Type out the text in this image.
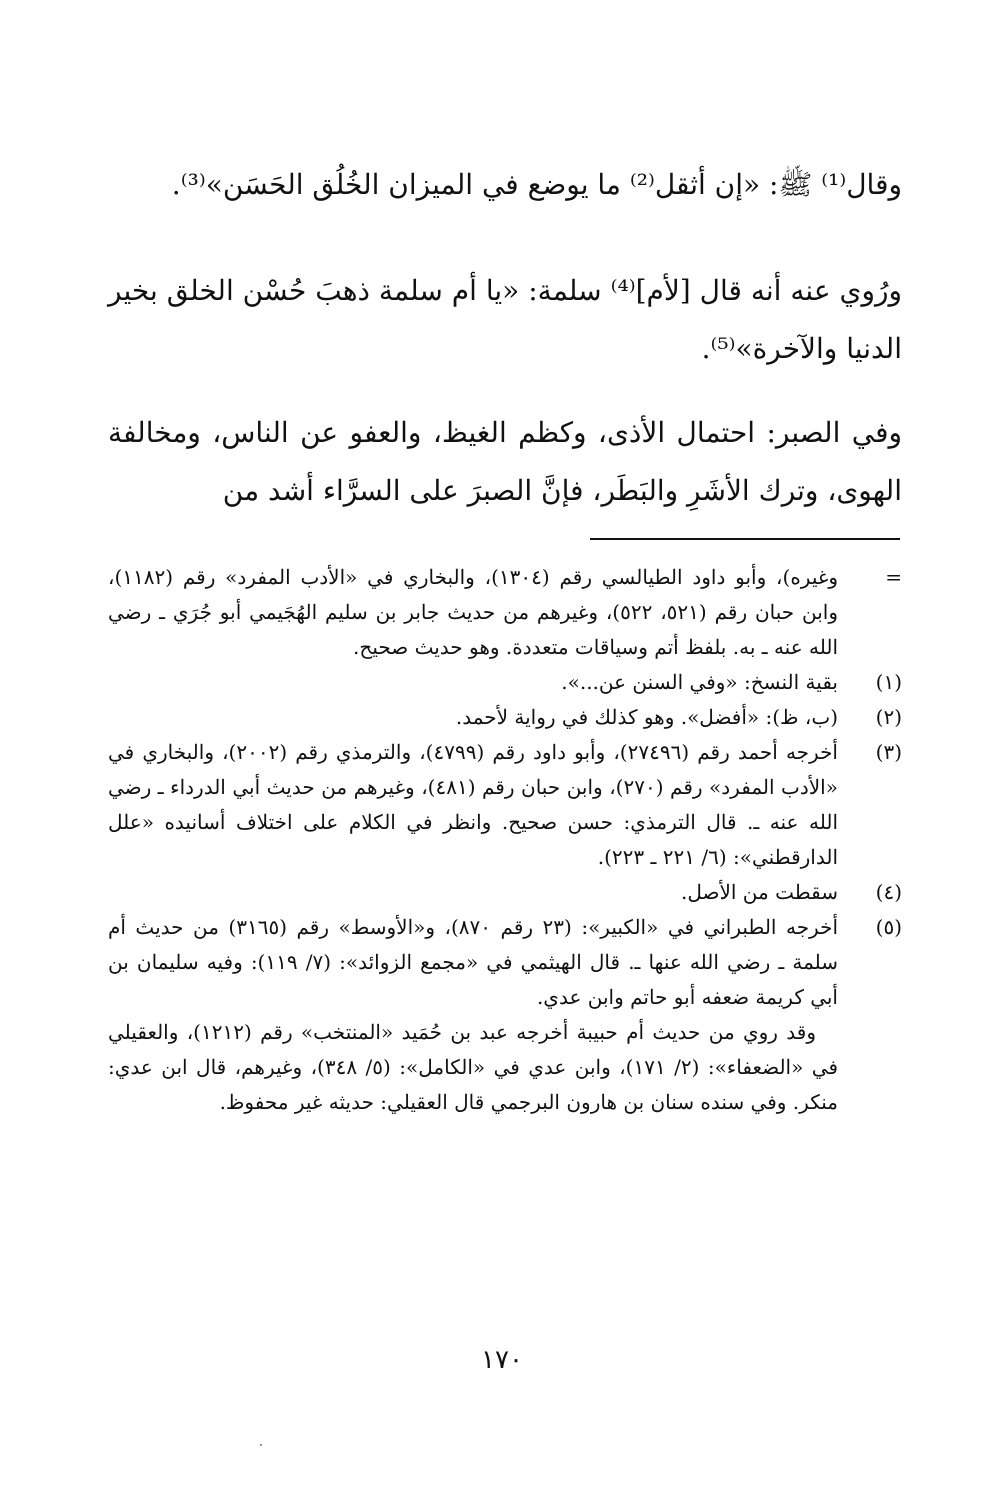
وقال⁽¹⁾ ﷺ: «إن أثقل⁽²⁾ ما يوضع في الميزان الخُلُق الحَسَن»⁽³⁾.
ورُوي عنه أنه قال [لأم]⁽⁴⁾ سلمة: «يا أم سلمة ذهبَ حُسْن الخلق بخير الدنيا والآخرة»⁽⁵⁾.
وفي الصبر: احتمال الأذى، وكظم الغيظ، والعفو عن الناس، ومخالفة الهوى، وترك الأشَرِ والبَطَر، فإنَّ الصبرَ على السرَّاء أشد من
=
وغيره)، وأبو داود الطيالسي رقم (١٣٠٤)، والبخاري في «الأدب المفرد» رقم (١١٨٢)، وابن حبان رقم (٥٢١، ٥٢٢)، وغيرهم من حديث جابر بن سليم الهُجَيمي أبو جُرَي ـ رضي الله عنه ـ به. بلفظ أتم وسياقات متعددة. وهو حديث صحيح.
(١)
بقية النسخ: «وفي السنن عن...».
(٢)
(ب، ظ): «أفضل». وهو كذلك في رواية لأحمد.
(٣)
أخرجه أحمد رقم (٢٧٤٩٦)، وأبو داود رقم (٤٧٩٩)، والترمذي رقم (٢٠٠٢)، والبخاري في «الأدب المفرد» رقم (٢٧٠)، وابن حبان رقم (٤٨١)، وغيرهم من حديث أبي الدرداء ـ رضي الله عنه ـ. قال الترمذي: حسن صحيح. وانظر في الكلام على اختلاف أسانيده «علل الدارقطني»: (٦/ ٢٢١ ـ ٢٢٣).
(٤)
سقطت من الأصل.
(٥)
أخرجه الطبراني في «الكبير»: (٢٣ رقم ٨٧٠)، و«الأوسط» رقم (٣١٦٥) من حديث أم سلمة ـ رضي الله عنها ـ. قال الهيثمي في «مجمع الزوائد»: (٧/ ١١٩): وفيه سليمان بن أبي كريمة ضعفه أبو حاتم وابن عدي.
وقد روي من حديث أم حبيبة أخرجه عبد بن حُمَيد «المنتخب» رقم (١٢١٢)، والعقيلي في «الضعفاء»: (٢/ ١٧١)، وابن عدي في «الكامل»: (٥/ ٣٤٨)، وغيرهم، قال ابن عدي: منكر. وفي سنده سنان بن هارون البرجمي قال العقيلي: حديثه غير محفوظ.
١٧٠
